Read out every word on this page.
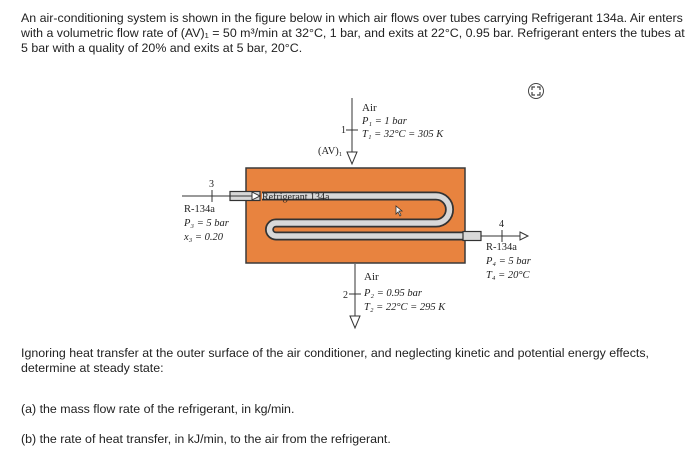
An air-conditioning system is shown in the figure below in which air flows over tubes carrying Refrigerant 134a. Air enters with a volumetric flow rate of (AV)₁ = 50 m³/min at 32°C, 1 bar, and exits at 22°C, 0.95 bar. Refrigerant enters the tubes at 5 bar with a quality of 20% and exits at 5 bar, 20°C.

Refrigerant 134a
Air
P₁ = 1 bar
T₁ = 32°C = 305 K
1
(AV)₁
Air
P₂ = 0.95 bar
T₂ = 22°C = 295 K
2
3
R-134a
P₃ = 5 bar
x₃ = 0.20
4
R-134a
P₄ = 5 bar
T₄ = 20°C

Ignoring heat transfer at the outer surface of the air conditioner, and neglecting kinetic and potential energy effects, determine at steady state:

(a) the mass flow rate of the refrigerant, in kg/min.

(b) the rate of heat transfer, in kJ/min, to the air from the refrigerant.
